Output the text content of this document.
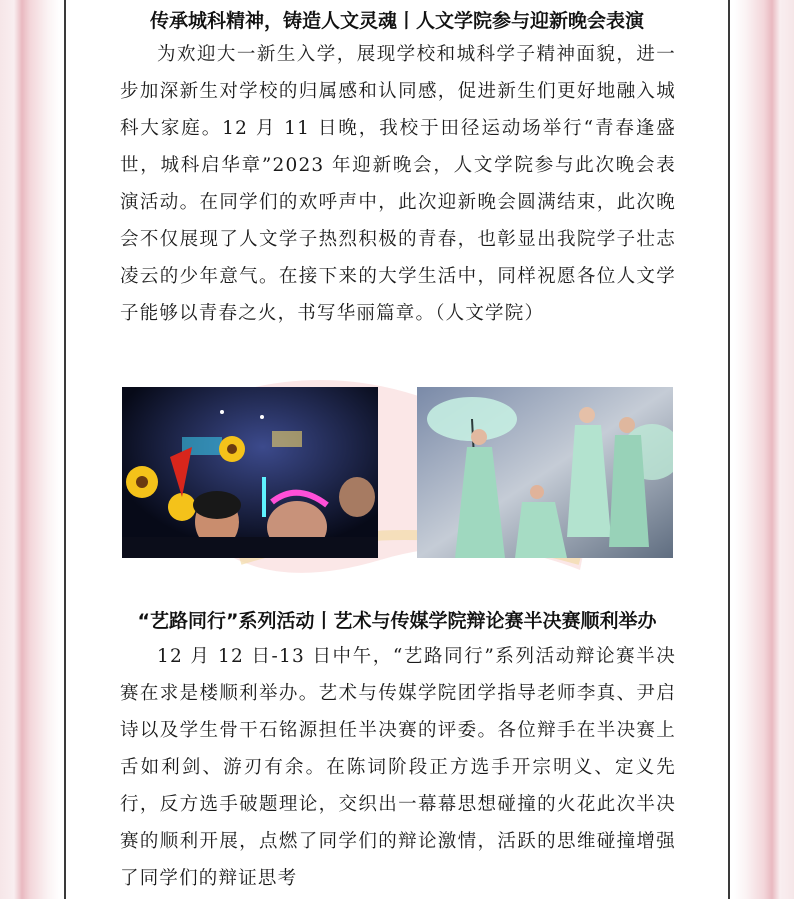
传承城科精神，铸造人文灵魂丨人文学院参与迎新晚会表演

为欢迎大一新生入学，展现学校和城科学子精神面貌，进一步加深新生对学校的归属感和认同感，促进新生们更好地融入城科大家庭。12 月 11 日晚，我校于田径运动场举行“青春逢盛世，城科启华章”2023 年迎新晚会，人文学院参与此次晚会表演活动。在同学们的欢呼声中，此次迎新晚会圆满结束，此次晚会不仅展现了人文学子热烈积极的青春，也彰显出我院学子壮志凌云的少年意气。在接下来的大学生活中，同样祝愿各位人文学子能够以青春之火，书写华丽篇章。（人文学院）

“艺路同行”系列活动丨艺术与传媒学院辩论赛半决赛顺利举办

12 月 12 日-13 日中午，“艺路同行”系列活动辩论赛半决赛在求是楼顺利举办。艺术与传媒学院团学指导老师李真、尹启诗以及学生骨干石铭源担任半决赛的评委。各位辩手在半决赛上舌如利剑、游刃有余。在陈词阶段正方选手开宗明义、定义先行，反方选手破题理论，交织出一幕幕思想碰撞的火花此次半决赛的顺利开展，点燃了同学们的辩论激情，活跃的思维碰撞增强了同学们的辩证思考
